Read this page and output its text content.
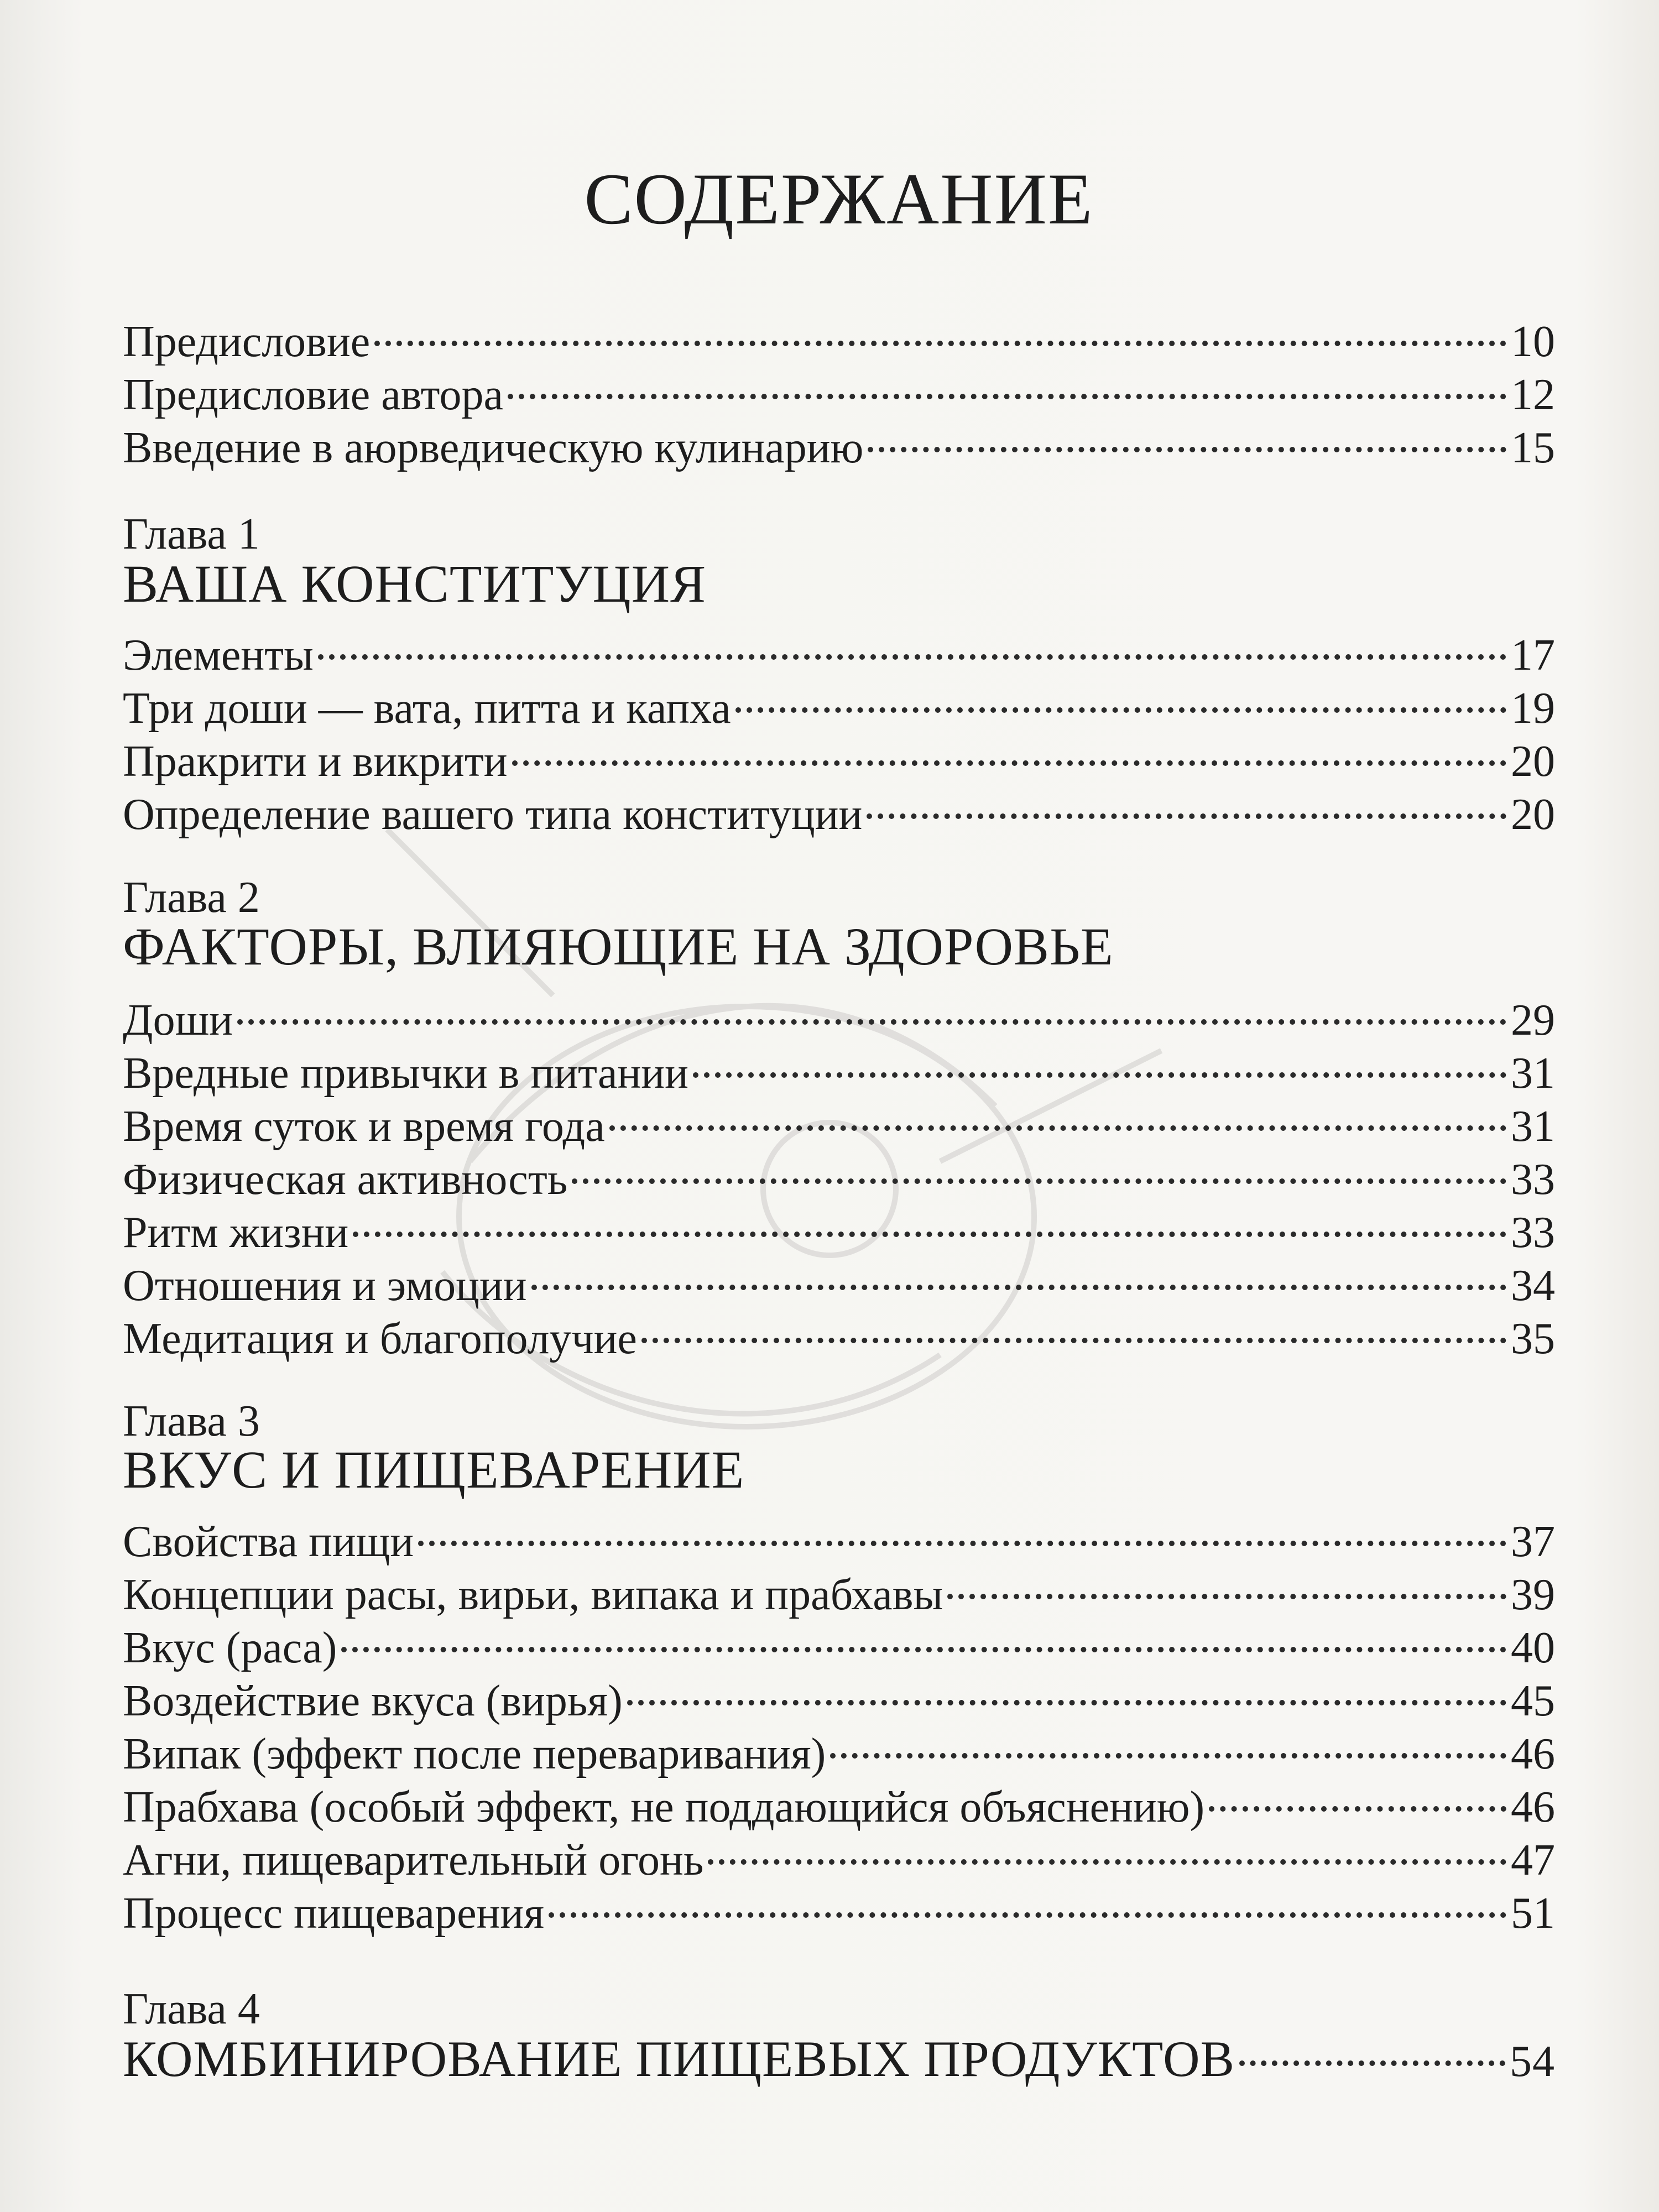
СОДЕРЖАНИЕ
Предисловие	10
Предисловие автора	12
Введение в аюрведическую кулинарию	15
Глава 1
ВАША КОНСТИТУЦИЯ
Элементы	17
Три доши — вата, питта и капха	19
Пракрити и викрити	20
Определение вашего типа конституции	20
Глава 2
ФАКТОРЫ, ВЛИЯЮЩИЕ НА ЗДОРОВЬЕ
Доши	29
Вредные привычки в питании	31
Время суток и время года	31
Физическая активность	33
Ритм жизни	33
Отношения и эмоции	34
Медитация и благополучие	35
Глава 3
ВКУС И ПИЩЕВАРЕНИЕ
Свойства пищи	37
Концепции расы, вирьи, випака и прабхавы	39
Вкус (раса)	40
Воздействие вкуса (вирья)	45
Випак (эффект после переваривания)	46
Прабхава (особый эффект, не поддающийся объяснению)	46
Агни, пищеварительный огонь	47
Процесс пищеварения	51
Глава 4
КОМБИНИРОВАНИЕ ПИЩЕВЫХ ПРОДУКТОВ	54
